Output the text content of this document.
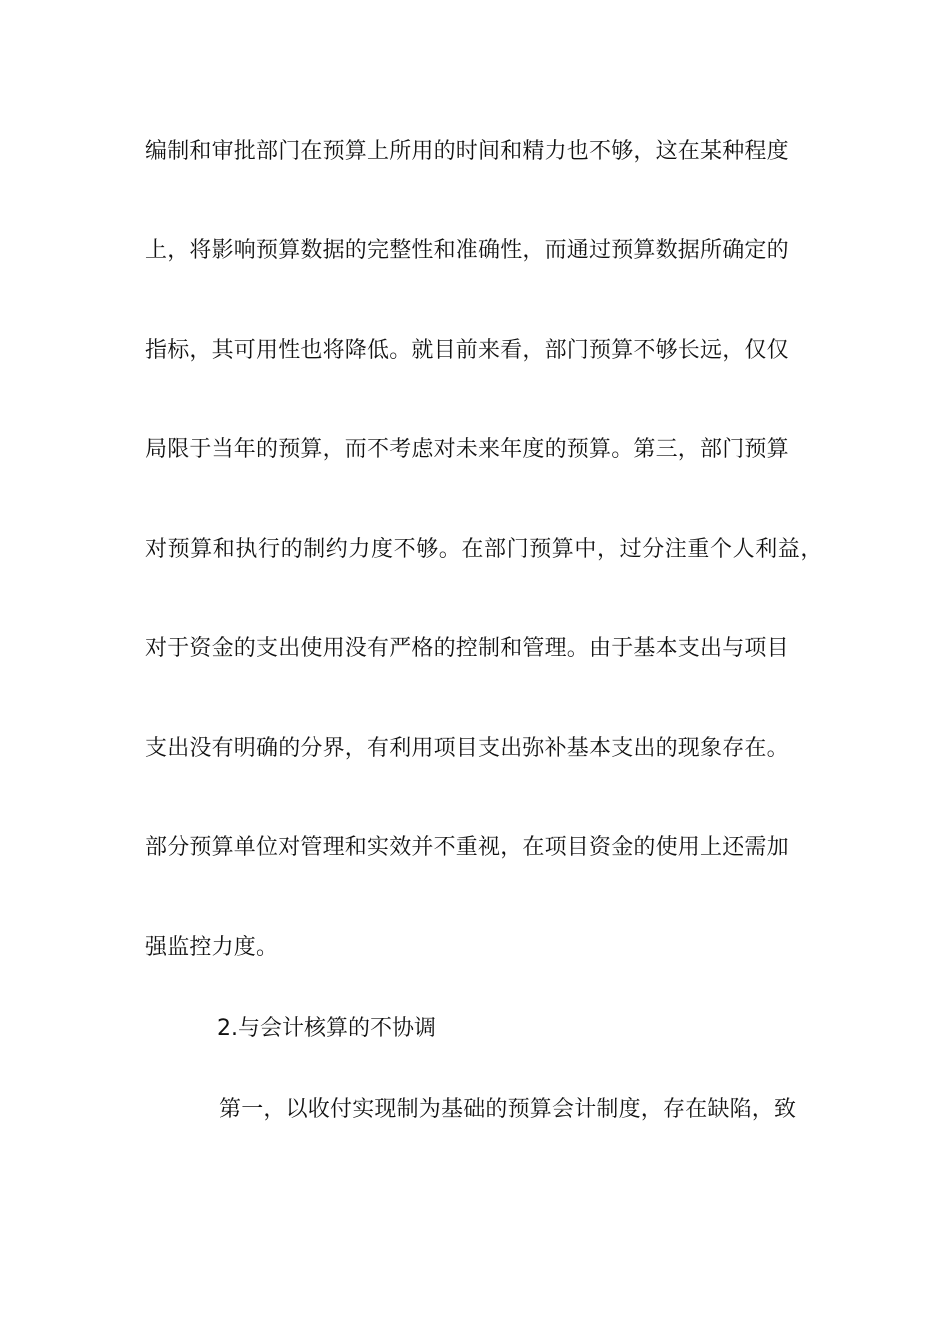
编制和审批部门在预算上所用的时间和精力也不够，这在某种程度
上，将影响预算数据的完整性和准确性，而通过预算数据所确定的
指标，其可用性也将降低。就目前来看，部门预算不够长远，仅仅
局限于当年的预算，而不考虑对未来年度的预算。第三，部门预算
对预算和执行的制约力度不够。在部门预算中，过分注重个人利益，
对于资金的支出使用没有严格的控制和管理。由于基本支出与项目
支出没有明确的分界，有利用项目支出弥补基本支出的现象存在。
部分预算单位对管理和实效并不重视，在项目资金的使用上还需加
强监控力度。
2.与会计核算的不协调
第一，以收付实现制为基础的预算会计制度，存在缺陷，致
